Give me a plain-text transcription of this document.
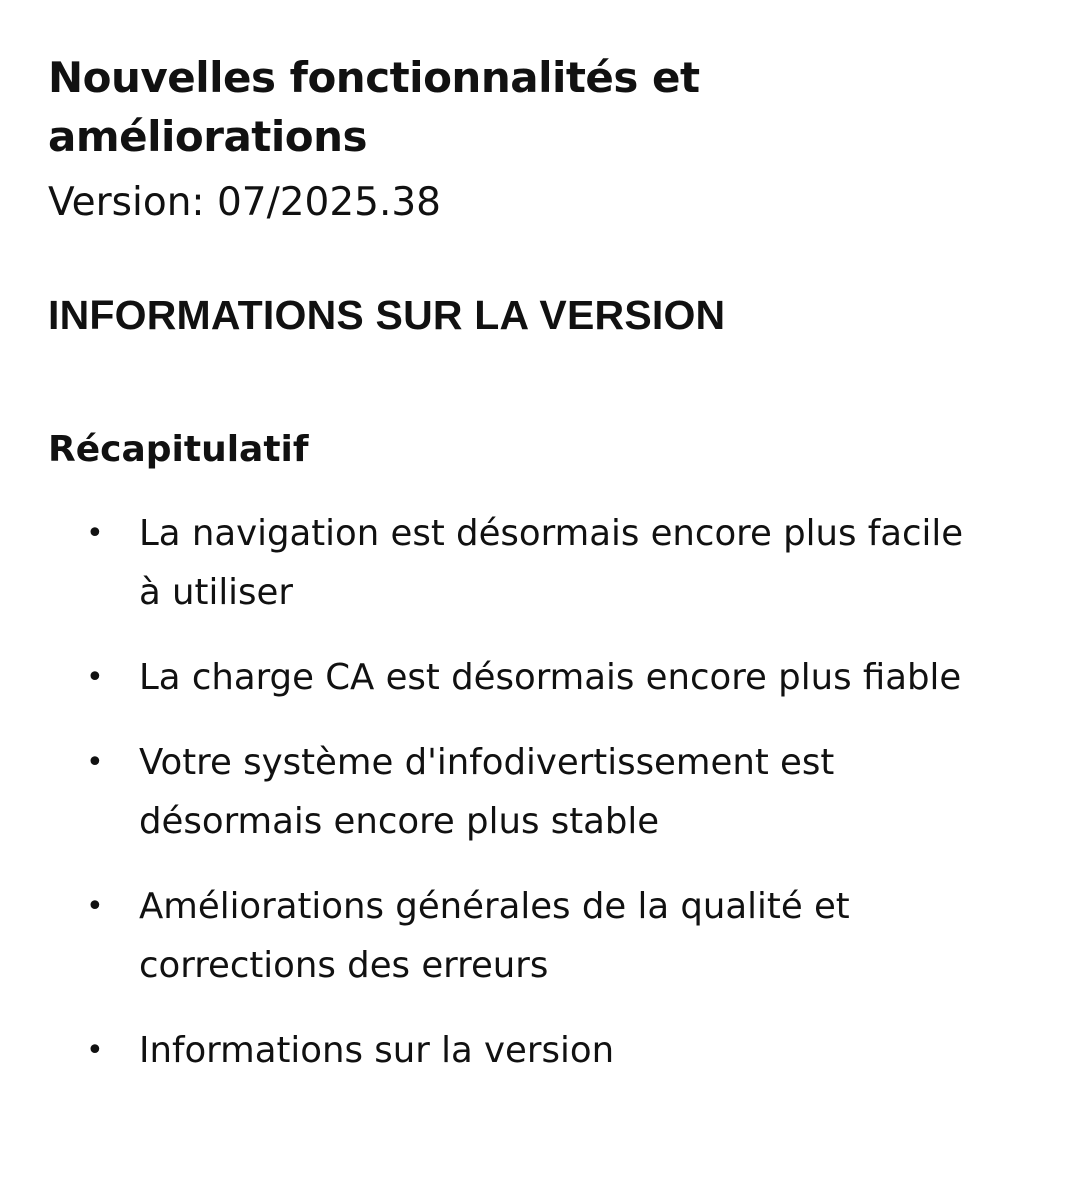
Nouvelles fonctionnalités et améliorations
Version: 07/2025.38
INFORMATIONS SUR LA VERSION
Récapitulatif
• La navigation est désormais encore plus facile à utiliser
• La charge CA est désormais encore plus fiable
• Votre système d'infodivertissement est désormais encore plus stable
• Améliorations générales de la qualité et corrections des erreurs
• Informations sur la version
